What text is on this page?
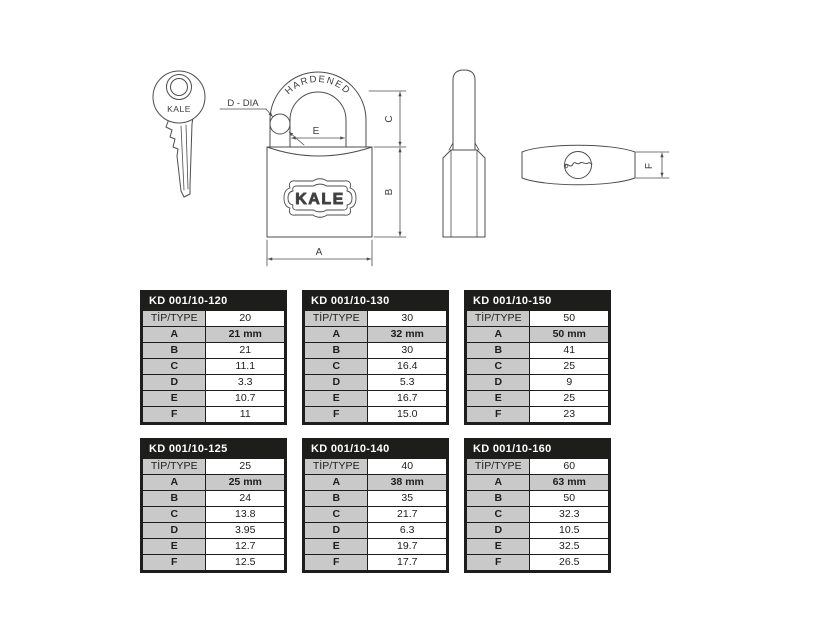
KALE
KALE
HARDENED
D - DIA
E
C
B
A
F
KD 001/10-120
TİP/TYPE	20
A	21 mm
B	21
C	11.1
D	3.3
E	10.7
F	11
KD 001/10-130
TİP/TYPE	30
A	32 mm
B	30
C	16.4
D	5.3
E	16.7
F	15.0
KD 001/10-150
TİP/TYPE	50
A	50 mm
B	41
C	25
D	9
E	25
F	23
KD 001/10-125
TİP/TYPE	25
A	25 mm
B	24
C	13.8
D	3.95
E	12.7
F	12.5
KD 001/10-140
TİP/TYPE	40
A	38 mm
B	35
C	21.7
D	6.3
E	19.7
F	17.7
KD 001/10-160
TİP/TYPE	60
A	63 mm
B	50
C	32.3
D	10.5
E	32.5
F	26.5
